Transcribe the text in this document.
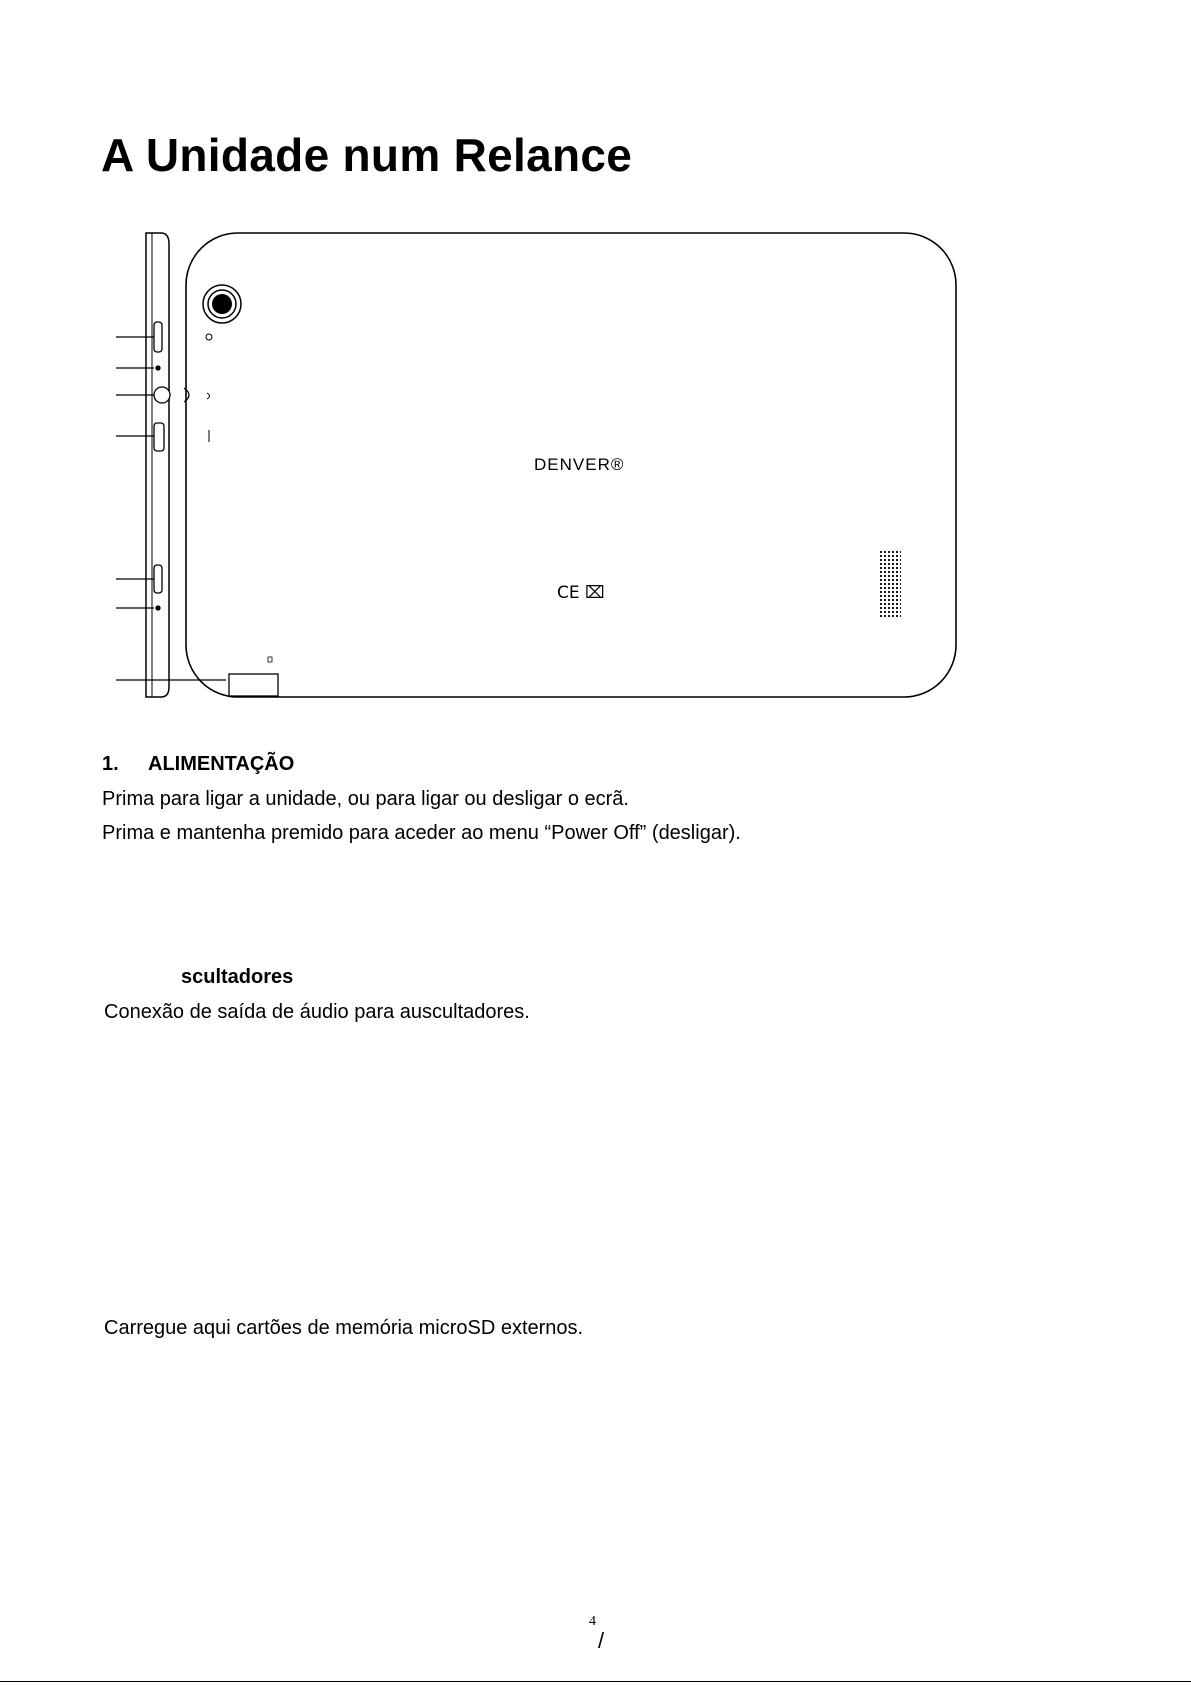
A Unidade num Relance
DENVER®
CE ⌧
1. ALIMENTAÇÃO
Prima para ligar a unidade, ou para ligar ou desligar o ecrã.
Prima e mantenha premido para aceder ao menu “Power Off” (desligar).
scultadores
Conexão de saída de áudio para auscultadores.
Carregue aqui cartões de memória microSD externos.
4
/
